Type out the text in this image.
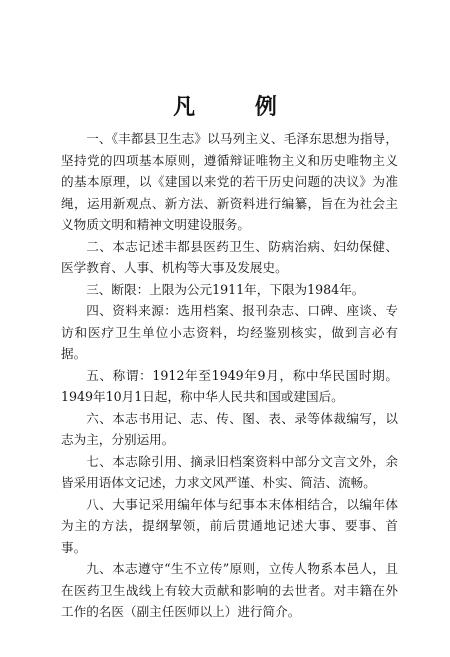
凡 例

一、《丰都县卫生志》以马列主义、毛泽东思想为指导，坚持党的四项基本原则，遵循辩证唯物主义和历史唯物主义的基本原理，以《建国以来党的若干历史问题的决议》为准绳，运用新观点、新方法、新资料进行编纂，旨在为社会主义物质文明和精神文明建设服务。

二、本志记述丰都县医药卫生、防病治病、妇幼保健、医学教育、人事、机构等大事及发展史。

三、断限：上限为公元1911年，下限为1984年。

四、资料来源：选用档案、报刊杂志、口碑、座谈、专访和医疗卫生单位小志资料，均经鉴别核实，做到言必有据。

五、称谓：1912年至1949年9月，称中华民国时期。1949年10月1日起，称中华人民共和国或建国后。

六、本志书用记、志、传、图、表、录等体裁编写，以志为主，分别运用。

七、本志除引用、摘录旧档案资料中部分文言文外，余皆采用语体文记述，力求文风严谨、朴实、简洁、流畅。

八、大事记采用编年体与纪事本末体相结合，以编年体为主的方法，提纲挈领，前后贯通地记述大事、要事、首事。

九、本志遵守“生不立传”原则，立传人物系本邑人，且在医药卫生战线上有较大贡献和影响的去世者。对丰籍在外工作的名医（副主任医师以上）进行简介。
